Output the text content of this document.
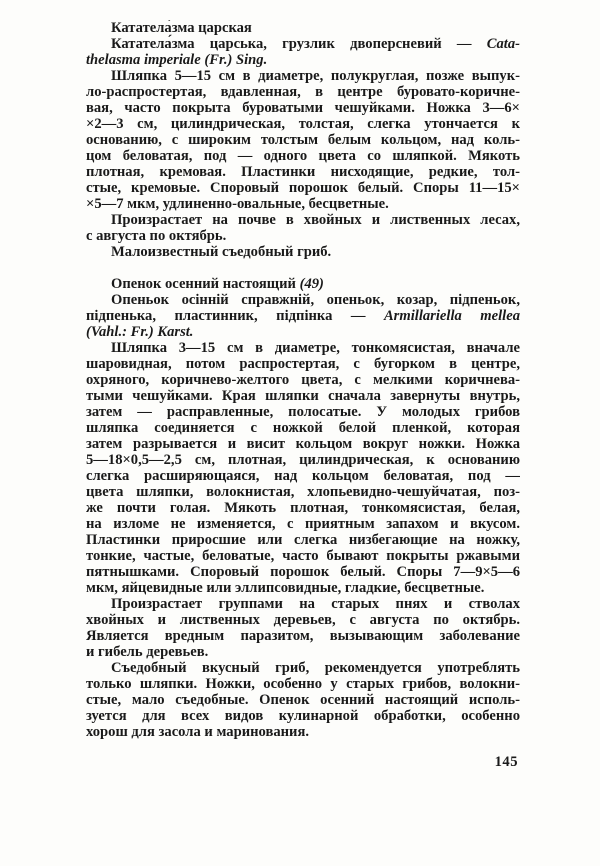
Кататела́зма царская
Кататела́зма царська, грузлик двоперсневий — Cata-
thelasma imperiale (Fr.) Sing.
Шляпка 5—15 см в диаметре, полукруглая, позже выпук-
ло-распростертая, вдавленная, в центре буровато-коричне-
вая, часто покрыта буроватыми чешуйками. Ножка 3—6×
×2—3 см, цилиндрическая, толстая, слегка утончается к
основанию, с широким толстым белым кольцом, над коль-
цом беловатая, под — одного цвета со шляпкой. Мякоть
плотная, кремовая. Пластинки нисходящие, редкие, тол-
стые, кремовые. Споровый порошок белый. Споры 11—15×
×5—7 мкм, удлиненно-овальные, бесцветные.
Произрастает на почве в хвойных и лиственных лесах,
с августа по октябрь.
Малоизвестный съедобный гриб.
Опенок осенний настоящий (49)
Опеньок осінній справжній, опеньок, козар, підпеньок,
підпенька, пластинник, підпінка — Armillariella mellea
(Vahl.: Fr.) Karst.
Шляпка 3—15 см в диаметре, тонкомясистая, вначале
шаровидная, потом распростертая, с бугорком в центре,
охряного, коричнево-желтого цвета, с мелкими коричнева-
тыми чешуйками. Края шляпки сначала завернуты внутрь,
затем — расправленные, полосатые. У молодых грибов
шляпка соединяется с ножкой белой пленкой, которая
затем разрывается и висит кольцом вокруг ножки. Ножка
5—18×0,5—2,5 см, плотная, цилиндрическая, к основанию
слегка расширяющаяся, над кольцом беловатая, под —
цвета шляпки, волокнистая, хлопьевидно-чешуйчатая, поз-
же почти голая. Мякоть плотная, тонкомясистая, белая,
на изломе не изменяется, с приятным запахом и вкусом.
Пластинки приросшие или слегка низбегающие на ножку,
тонкие, частые, беловатые, часто бывают покрыты ржавыми
пятнышками. Споровый порошок белый. Споры 7—9×5—6
мкм, яйцевидные или эллипсовидные, гладкие, бесцветные.
Произрастает группами на старых пнях и стволах
хвойных и лиственных деревьев, с августа по октябрь.
Является вредным паразитом, вызывающим заболевание
и гибель деревьев.
Съедобный вкусный гриб, рекомендуется употреблять
только шляпки. Ножки, особенно у старых грибов, волокни-
стые, мало съедобные. Опенок осенний настоящий исполь-
зуется для всех видов кулинарной обработки, особенно
хорош для засола и маринования.
145
